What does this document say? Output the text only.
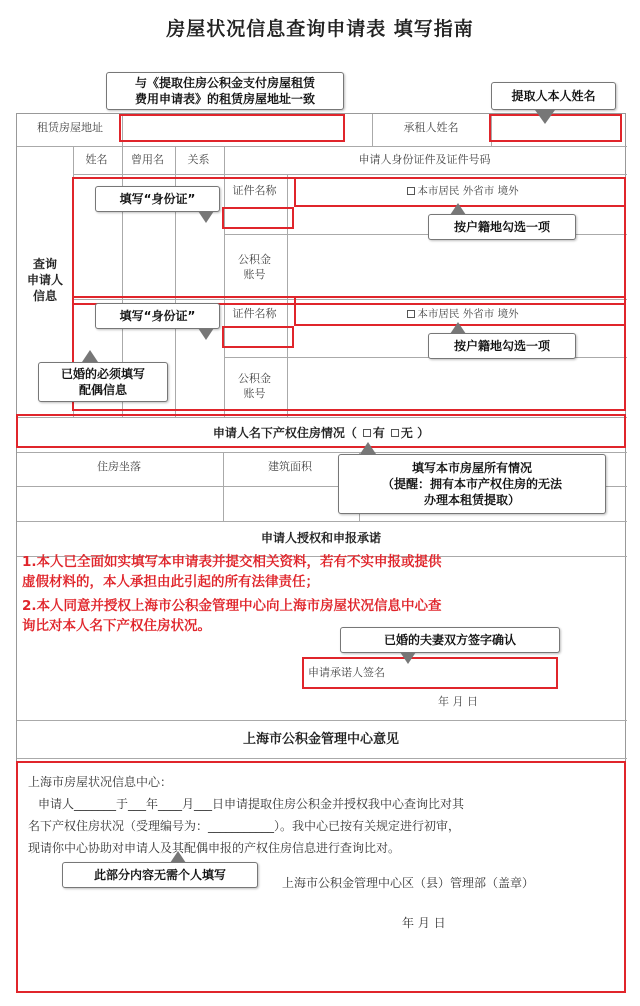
房屋状况信息查询申请表 填写指南
租赁房屋地址	承租人姓名
姓名	曾用名	关系	申请人身份证件及证件号码
查询
申请人
信息
证件名称	本市居民 外省市 境外
公积金
账号
证件名称	本市居民 外省市 境外
公积金
账号
申请人名下产权住房情况（ 有 无 ）
住房坐落	建筑面积
申请人授权和申报承诺
1.本人已全面如实填写本申请表并提交相关资料，若有不实申报或提供
虚假材料的，本人承担由此引起的所有法律责任；
2.本人同意并授权上海市公积金管理中心向上海市房屋状况信息中心查
询比对本人名下产权住房状况。
申请承诺人签名
年 月 日
上海市公积金管理中心意见
上海市房屋状况信息中心：
申请人_______于___年____月___日申请提取住房公积金并授权我中心查询比对其
名下产权住房状况（受理编号为：___________）。我中心已按有关规定进行初审，
现请你中心协助对申请人及其配偶申报的产权住房信息进行查询比对。
上海市公积金管理中心区（县）管理部（盖章）
年 月 日
与《提取住房公积金支付房屋租赁
费用申请表》的租赁房屋地址一致	提取人本人姓名
填写“身份证”
按户籍地勾选一项
填写“身份证”
按户籍地勾选一项
已婚的必须填写
配偶信息
填写本市房屋所有情况
（提醒：拥有本市产权住房的无法
办理本租赁提取）
已婚的夫妻双方签字确认
此部分内容无需个人填写
